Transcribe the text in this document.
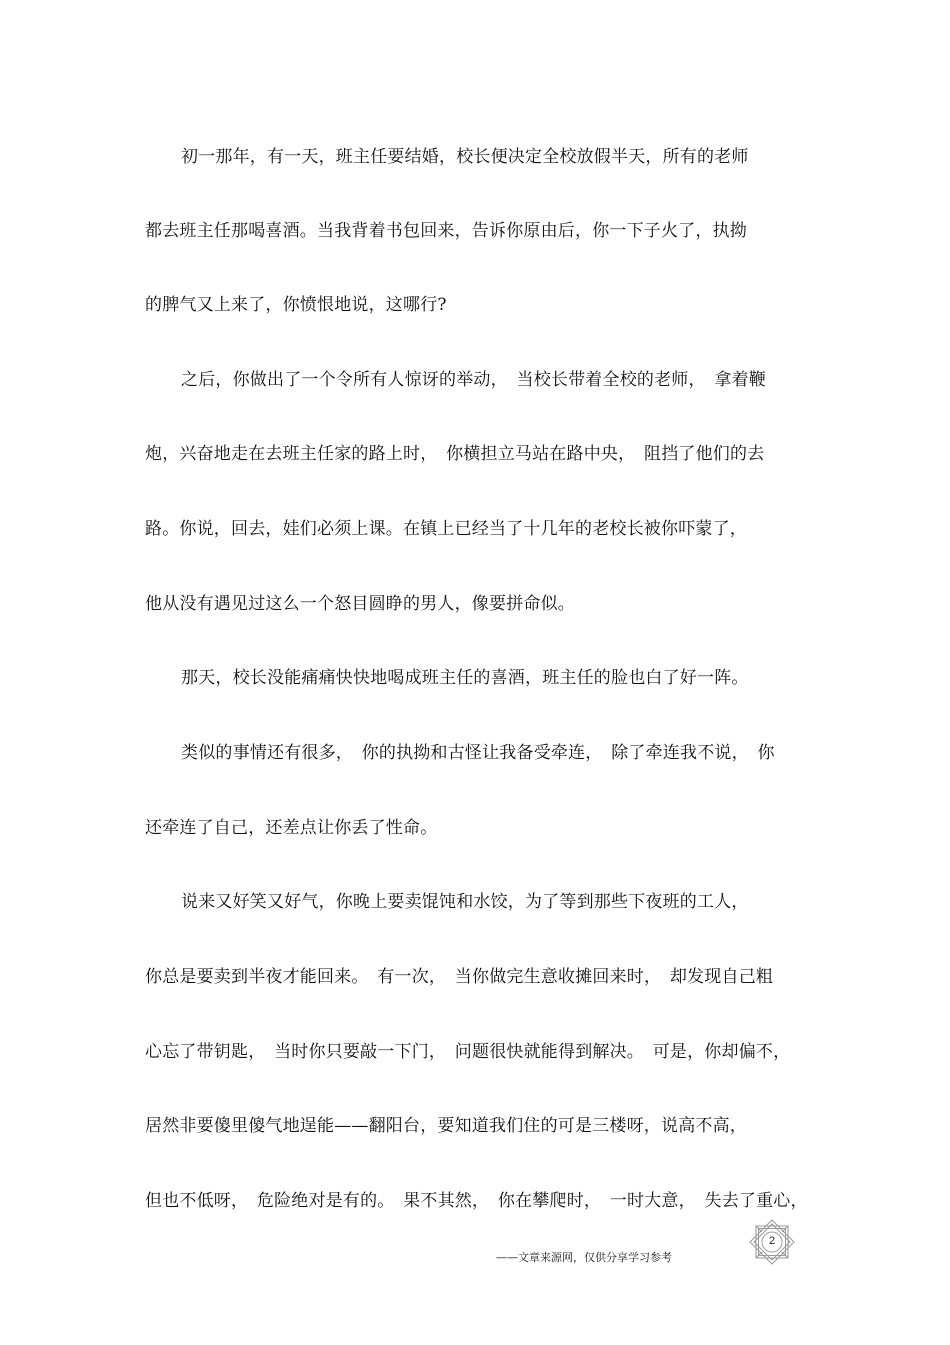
初一那年，有一天，班主任要结婚，校长便决定全校放假半天，所有的老师
都去班主任那喝喜酒。当我背着书包回来，告诉你原由后，你一下子火了，执拗
的脾气又上来了，你愤恨地说，这哪行?
之后，你做出了一个令所有人惊讶的举动，　当校长带着全校的老师，　拿着鞭
炮，兴奋地走在去班主任家的路上时，　你横担立马站在路中央，　阻挡了他们的去
路。你说，回去，娃们必须上课。在镇上已经当了十几年的老校长被你吓蒙了，
他从没有遇见过这么一个怒目圆睁的男人，像要拼命似。
那天，校长没能痛痛快快地喝成班主任的喜酒，班主任的脸也白了好一阵。
类似的事情还有很多，　你的执拗和古怪让我备受牵连，　除了牵连我不说，　你
还牵连了自己，还差点让你丢了性命。
说来又好笑又好气，你晚上要卖馄饨和水饺，为了等到那些下夜班的工人，
你总是要卖到半夜才能回来。　有一次，　当你做完生意收摊回来时，　却发现自己粗
心忘了带钥匙，　当时你只要敲一下门，　问题很快就能得到解决。　可是，你却偏不，
居然非要傻里傻气地逞能——翻阳台，要知道我们住的可是三楼呀，说高不高，
但也不低呀，　危险绝对是有的。　果不其然，　你在攀爬时，　一时大意，　失去了重心，
——文章来源网，仅供分享学习参考
2
